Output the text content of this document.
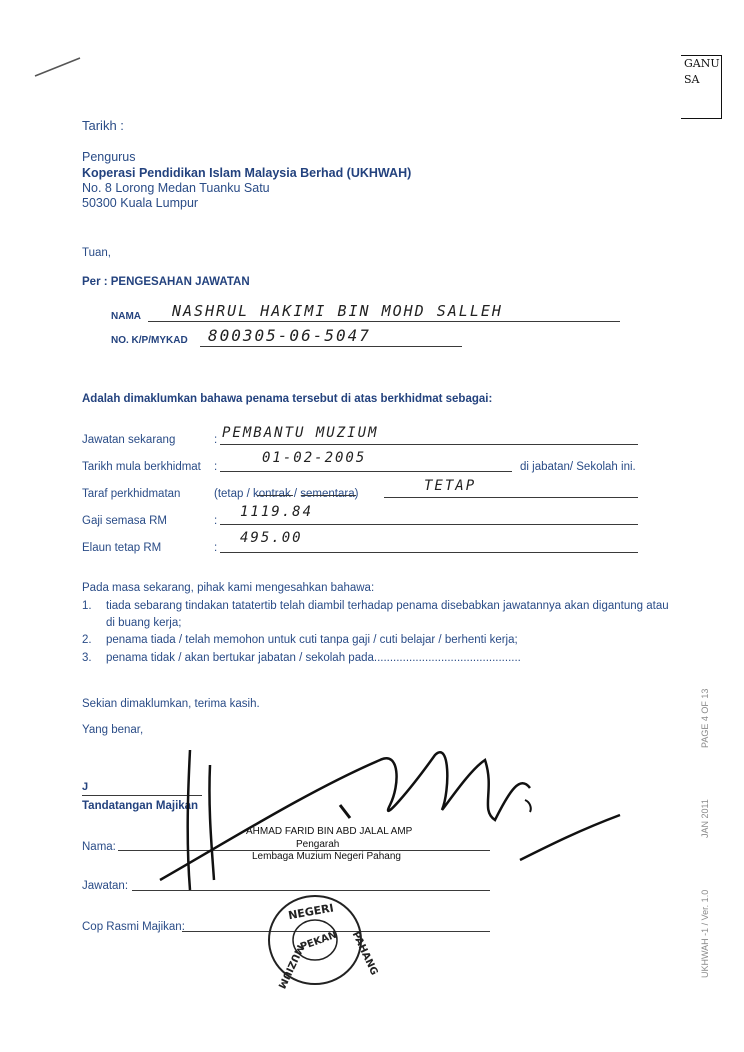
GANU
SA
Tarikh :
Pengurus
Koperasi Pendidikan Islam Malaysia Berhad (UKHWAH)
No. 8 Lorong Medan Tuanku Satu
50300 Kuala Lumpur
Tuan,
Per : PENGESAHAN JAWATAN
NAMA NASHRUL HAKIMI BIN MOHD SALLEH
NO. K/P/MYKAD 800305-06-5047
Adalah dimaklumkan bahawa penama tersebut di atas berkhidmat sebagai:
Jawatan sekarang	: PEMBANTU MUZIUM
Tarikh mula berkhidmat :
01-02-2005
di jabatan/ Sekolah ini.
Taraf perkhidmatan	(tetap / kontrak / sementara)	TETAP
Gaji semasa RM	:
1119.84
Elaun tetap RM	:
495.00
Pada masa sekarang, pihak kami mengesahkan bahawa:
1. tiada sebarang tindakan tatatertib telah diambil terhadap penama disebabkan jawatannya akan digantung atau
di buang kerja;
2. penama tiada / telah memohon untuk cuti tanpa gaji / cuti belajar / berhenti kerja;
3. penama tidak / akan bertukar jabatan / sekolah pada..............................................
Sekian dimaklumkan, terima kasih.
Yang benar,
J
Tandatangan Majikan
AHMAD FARID BIN ABD JALAL AMP
Pengarah
Lembaga Muzium Negeri Pahang
Nama:
Jawatan:
Cop Rasmi Majikan:
NEGERI
PAHANG
MUZIUM
PEKAN
PAGE 4 OF 13
JAN 2011
UKHWAH -1 / Ver. 1.0
